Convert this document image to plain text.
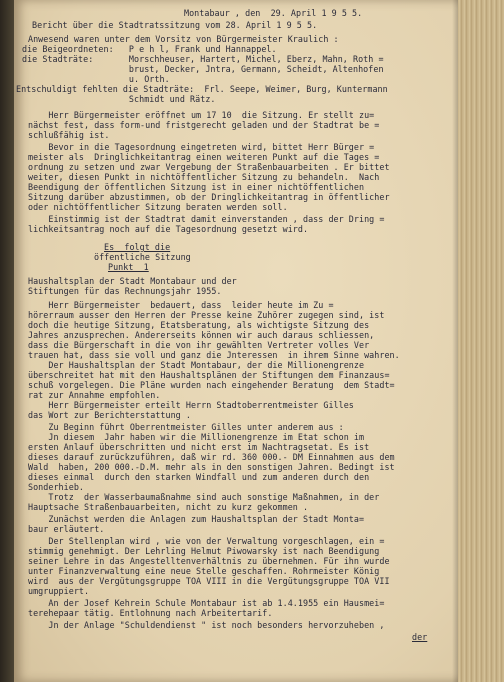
Montabaur , den  29. April 1 9 5 5.
Bericht über die Stadtratssitzung vom 28. April 1 9 5 5.
Anwesend waren unter dem Vorsitz von Bürgermeister Kraulich :
die Beigeordneten:   P e h l, Frank und Hannappel.
die Stadträte:       Morschheuser, Hartert, Michel, Eberz, Mahn, Roth =
brust, Decker, Jntra, Germann, Scheidt, Altenhofen
u. Orth.
Entschuldigt fehlten die Stadträte:  Frl. Seepe, Weimer, Burg, Kuntermann
Schmidt und Rätz.
Herr Bürgermeister eröffnet um 17 10  die Sitzung. Er stellt zu=
nächst fest, dass form-und fristgerecht geladen und der Stadtrat be =
schlußfähig ist.
Bevor in die Tagesordnung eingetreten wird, bittet Herr Bürger =
meister als  Dringlichkeitantrag einen weiteren Punkt auf die Tages =
ordnung zu setzen und zwar Vergebung der Straßenbauarbeiten . Er bittet
weiter, diesen Punkt in nichtöffentlicher Sitzung zu behandeln.  Nach
Beendigung der öffentlichen Sitzung ist in einer nichtöffentlichen
Sitzung darüber abzustimmen, ob der Dringlichkeitantrag in öffentlicher
oder nichtöffentlicher Sitzung beraten werden soll.
Einstimmig ist der Stadtrat damit einverstanden , dass der Dring =
lichkeitsantrag noch auf die Tagesordnung gesetzt wird.
Es  folgt die
öffentliche Sitzung
Punkt  1
Haushaltsplan der Stadt Montabaur und der
Stiftungen für das Rechnungsjahr 1955.
Herr Bürgermeister  bedauert, dass  leider heute im Zu =
hörerraum ausser den Herren der Presse keine Zuhörer zugegen sind, ist
doch die heutige Sitzung, Etatsberatung, als wichtigste Sitzung des
Jahres anzusprechen. Andererseits können wir auch daraus schliessen,
dass die Bürgerschaft in die von ihr gewählten Vertreter volles Ver
trauen hat, dass sie voll und ganz die Jnteressen  in ihrem Sinne wahren.
Der Haushaltsplan der Stadt Montabaur, der die Millionengrenze
überschreitet hat mit den Haushaltsplänen der Stiftungen dem Finanzaus=
schuß vorgelegen. Die Pläne wurden nach eingehender Beratung  dem Stadt=
rat zur Annahme empfohlen.
Herr Bürgermeister erteilt Herrn Stadtoberrentmeister Gilles
das Wort zur Berichterstattung .
Zu Beginn führt Oberrentmeister Gilles unter anderem aus :
Jn diesem  Jahr haben wir die Millionengrenze im Etat schon im
ersten Anlauf überschritten und nicht erst im Nachtragsetat. Es ist
dieses darauf zurückzuführen, daß wir rd. 360 000.- DM Einnahmen aus dem
Wald  haben, 200 000.-D.M. mehr als in den sonstigen Jahren. Bedingt ist
dieses einmal  durch den starken Windfall und zum anderen durch den
Sonderhieb.
Trotz  der Wasserbaumaßnahme sind auch sonstige Maßnahmen, in der
Hauptsache Straßenbauarbeiten, nicht zu kurz gekommen .
Zunächst werden die Anlagen zum Haushaltsplan der Stadt Monta=
baur erläutert.
Der Stellenplan wird , wie von der Verwaltung vorgeschlagen, ein =
stimmig genehmigt. Der Lehrling Helmut Piwowarsky ist nach Beendigung
seiner Lehre in das Angestelltenverhältnis zu übernehmen. Für ihn wurde
unter Finanzverwaltung eine neue Stelle geschaffen. Rohrmeister König
wird  aus der Vergütungsgruppe TOA VIII in die Vergütungsgruppe TOA VII
umgruppiert.
An der Josef Kehrein Schule Montabaur ist ab 1.4.1955 ein Hausmei=
terehepaar tätig. Entlohnung nach Arbeitertarif.
Jn der Anlage "Schuldendienst " ist noch besonders hervorzuheben ,
der
